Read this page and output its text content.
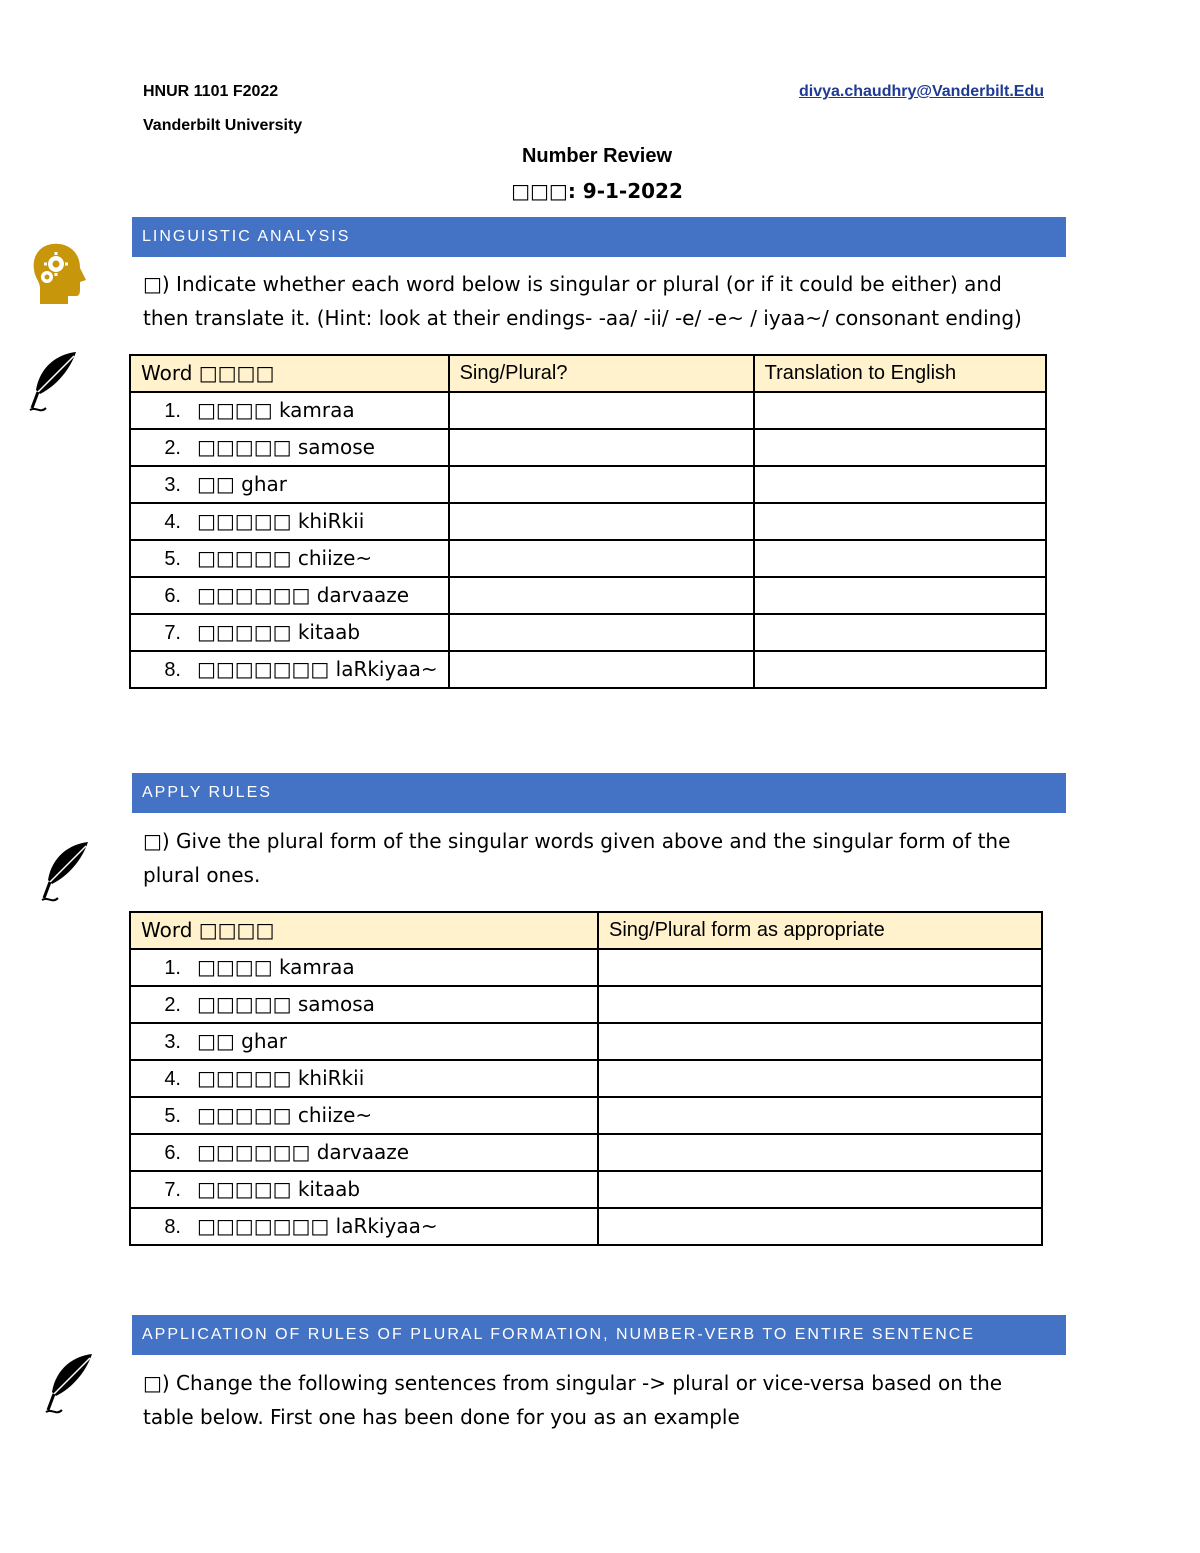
HNUR 1101 F2022
Vanderbilt University
divya.chaudhry@Vanderbilt.Edu
Number Review
□□□: 9-1-2022
LINGUISTIC ANALYSIS
□) Indicate whether each word below is singular or plural (or if it could be either) and then translate it. (Hint: look at their endings- -aa/ -ii/ -e/ -e~ / iyaa~/ consonant ending)
Word □□□□	Sing/Plural?	Translation to English
1. □□□□ kamraa		
2. □□□□□ samose		
3. □□ ghar		
4. □□□□□ khiRkii		
5. □□□□□ chiize~		
6. □□□□□□ darvaaze		
7. □□□□□ kitaab		
8. □□□□□□□ laRkiyaa~		
APPLY RULES
□) Give the plural form of the singular words given above and the singular form of the plural ones.
Word □□□□	Sing/Plural form as appropriate
1. □□□□ kamraa	
2. □□□□□ samosa	
3. □□ ghar	
4. □□□□□ khiRkii	
5. □□□□□ chiize~	
6. □□□□□□ darvaaze	
7. □□□□□ kitaab	
8. □□□□□□□ laRkiyaa~	
APPLICATION OF RULES OF PLURAL FORMATION, NUMBER-VERB TO ENTIRE SENTENCE
□) Change the following sentences from singular -> plural or vice-versa based on the table below. First one has been done for you as an example
